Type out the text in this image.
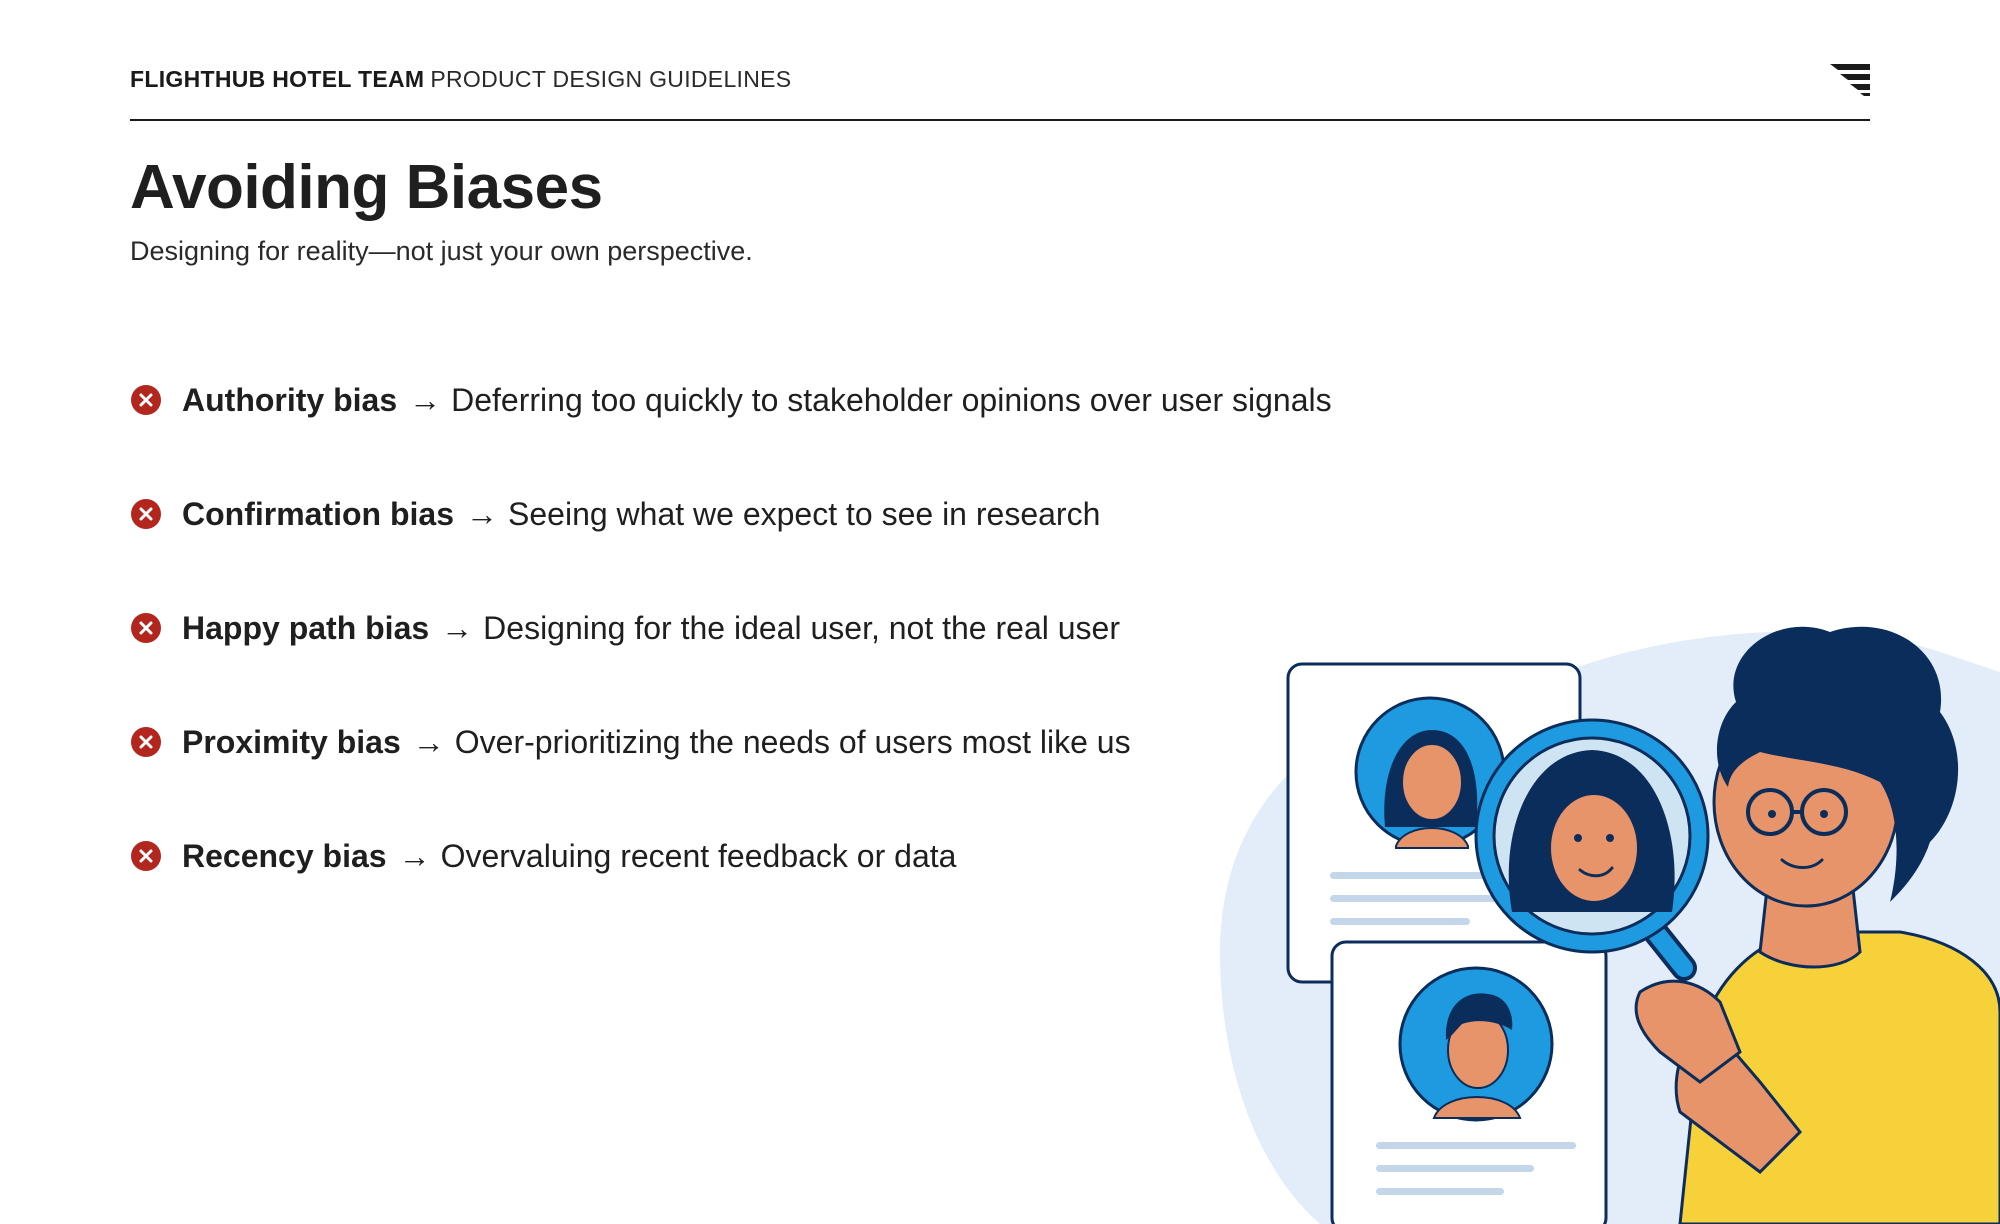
FLIGHTHUB HOTEL TEAM PRODUCT DESIGN GUIDELINES
Avoiding Biases

Designing for reality—not just your own perspective.

Authority bias → Deferring too quickly to stakeholder opinions over user signals
Confirmation bias → Seeing what we expect to see in research
Happy path bias → Designing for the ideal user, not the real user
Proximity bias → Over-prioritizing the needs of users most like us
Recency bias → Overvaluing recent feedback or data
